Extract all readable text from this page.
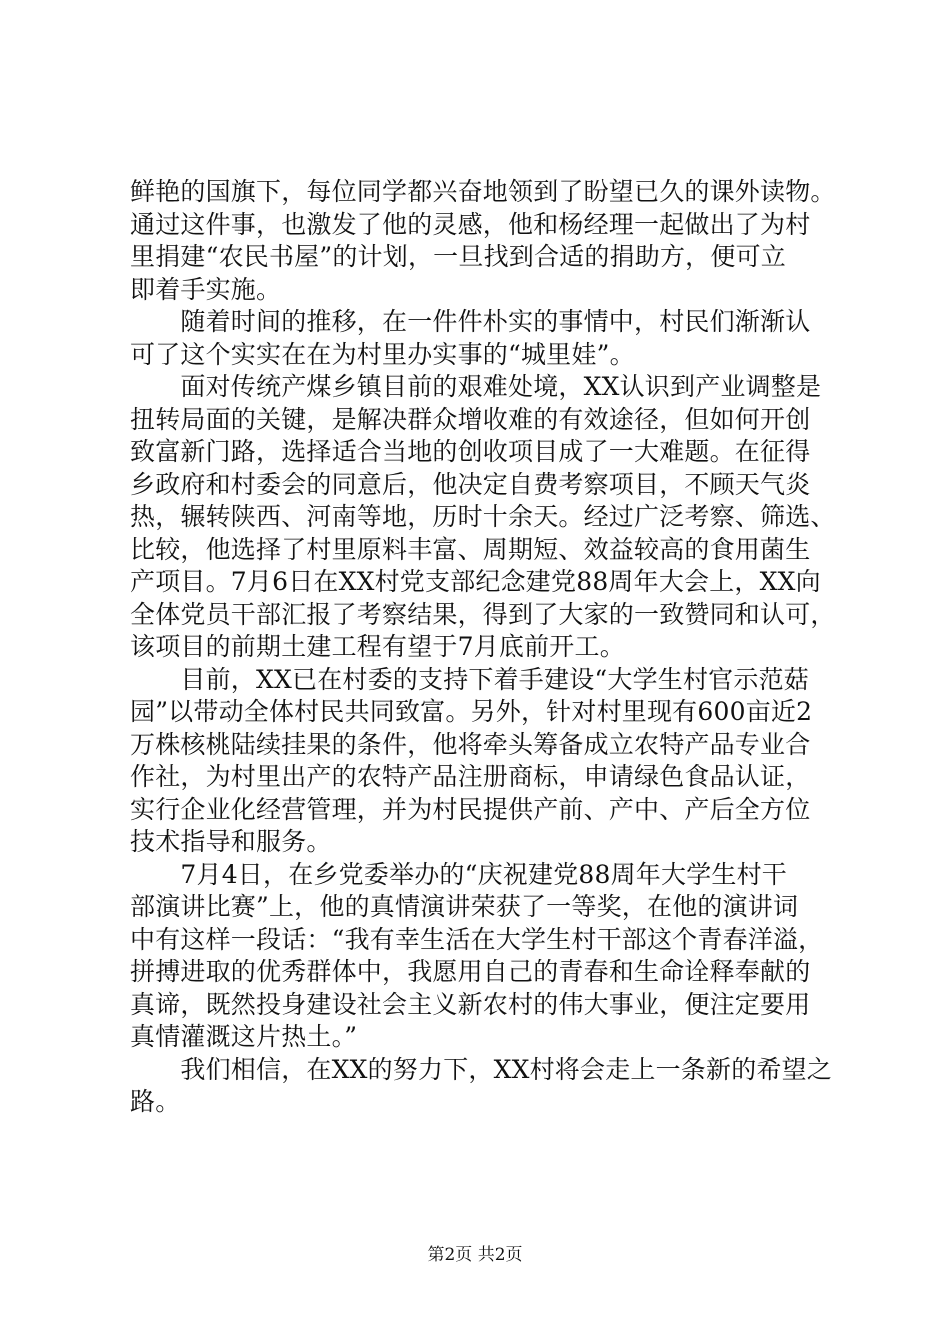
鲜艳的国旗下，每位同学都兴奋地领到了盼望已久的课外读物。
通过这件事，也激发了他的灵感，他和杨经理一起做出了为村
里捐建“农民书屋”的计划，一旦找到合适的捐助方，便可立
即着手实施。
　　随着时间的推移，在一件件朴实的事情中，村民们渐渐认
可了这个实实在在为村里办实事的“城里娃”。
　　面对传统产煤乡镇目前的艰难处境，XX认识到产业调整是
扭转局面的关键，是解决群众增收难的有效途径，但如何开创
致富新门路，选择适合当地的创收项目成了一大难题。在征得
乡政府和村委会的同意后，他决定自费考察项目，不顾天气炎
热，辗转陕西、河南等地，历时十余天。经过广泛考察、筛选、
比较，他选择了村里原料丰富、周期短、效益较高的食用菌生
产项目。7月6日在XX村党支部纪念建党88周年大会上，XX向
全体党员干部汇报了考察结果，得到了大家的一致赞同和认可，
该项目的前期土建工程有望于7月底前开工。
　　目前，XX已在村委的支持下着手建设“大学生村官示范菇
园”以带动全体村民共同致富。另外，针对村里现有600亩近2
万株核桃陆续挂果的条件，他将牵头筹备成立农特产品专业合
作社，为村里出产的农特产品注册商标，申请绿色食品认证，
实行企业化经营管理，并为村民提供产前、产中、产后全方位
技术指导和服务。
　　7月4日，在乡党委举办的“庆祝建党88周年大学生村干
部演讲比赛”上，他的真情演讲荣获了一等奖，在他的演讲词
中有这样一段话：“我有幸生活在大学生村干部这个青春洋溢，
拼搏进取的优秀群体中，我愿用自己的青春和生命诠释奉献的
真谛，既然投身建设社会主义新农村的伟大事业，便注定要用
真情灌溉这片热土。”
　　我们相信，在XX的努力下，XX村将会走上一条新的希望之
路。
第2页 共2页
